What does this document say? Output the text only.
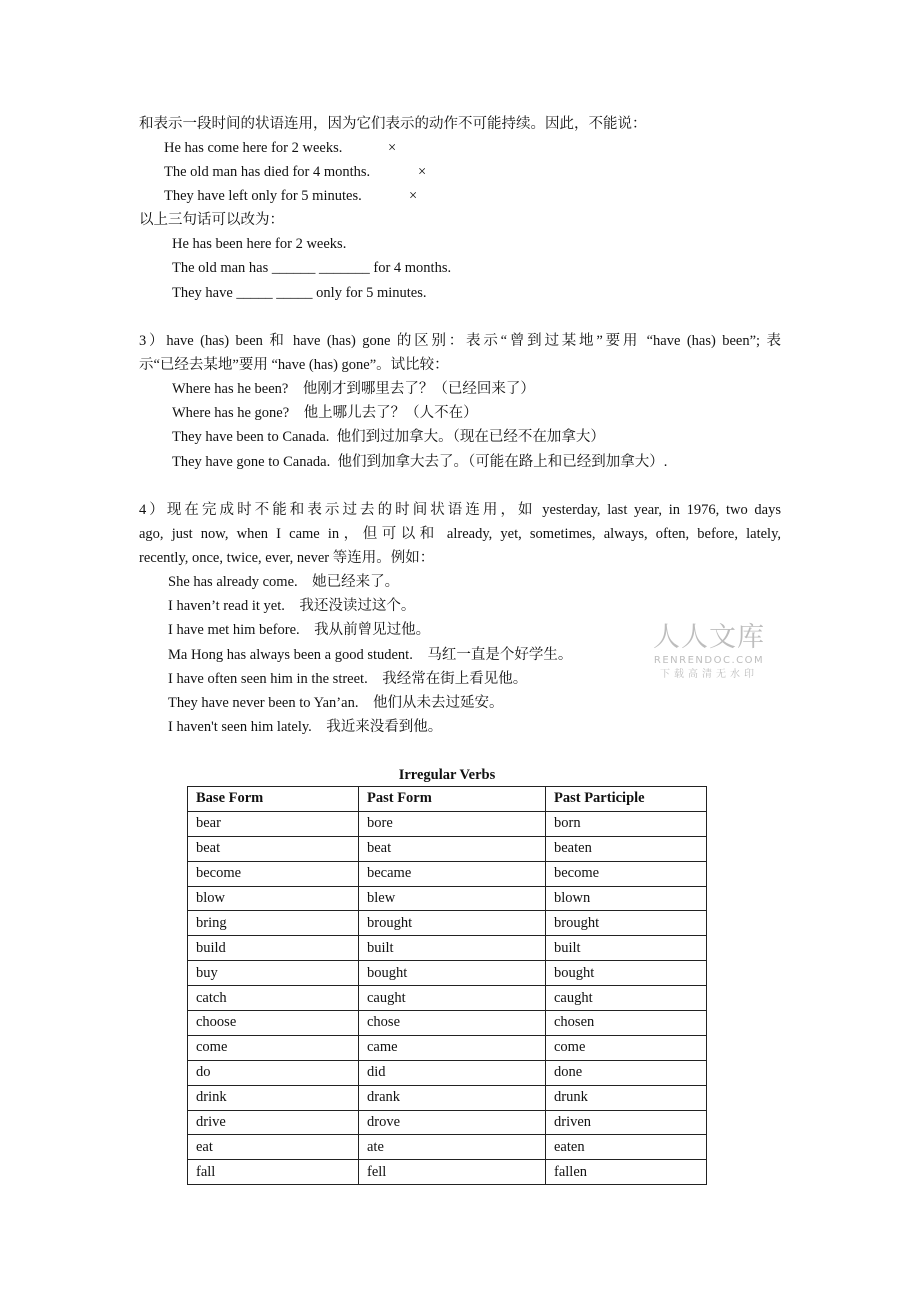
和表示一段时间的状语连用，因为它们表示的动作不可能持续。因此，不能说：
He has come here for 2 weeks.	×
The old man has died for 4 months.	×
They have left only for 5 minutes.	×
以上三句话可以改为：
He has been here for 2 weeks.
The old man has ______ _______ for 4 months.
They have _____ _____ only for 5 minutes.
3）have (has) been 和 have (has) gone 的区别：表示“曾到过某地”要用 “have (has) been”; 表
示“已经去某地”要用 “have (has) gone”。试比较：
Where has he been?    他刚才到哪里去了？（已经回来了）
Where has he gone?    他上哪儿去了？（人不在）
They have been to Canada.  他们到过加拿大。（现在已经不在加拿大）
They have gone to Canada.  他们到加拿大去了。（可能在路上和已经到加拿大）.
4）现在完成时不能和表示过去的时间状语连用，如 yesterday, last year, in 1976, two days
ago, just now, when I came in，但可以和 already, yet, sometimes, always, often, before, lately,
recently, once, twice, ever, never 等连用。例如：
She has already come.    她已经来了。
I haven’t read it yet.    我还没读过这个。
I have met him before.    我从前曾见过他。
Ma Hong has always been a good student.    马红一直是个好学生。
I have often seen him in the street.    我经常在街上看见他。
They have never been to Yan’an.    他们从未去过延安。
I haven't seen him lately.    我近来没看到他。
人人文库
RENRENDOC.COM
下载高清无水印
Irregular Verbs
Base Form	Past Form	Past Participle
bear	bore	born
beat	beat	beaten
become	became	become
blow	blew	blown
bring	brought	brought
build	built	built
buy	bought	bought
catch	caught	caught
choose	chose	chosen
come	came	come
do	did	done
drink	drank	drunk
drive	drove	driven
eat	ate	eaten
fall	fell	fallen
